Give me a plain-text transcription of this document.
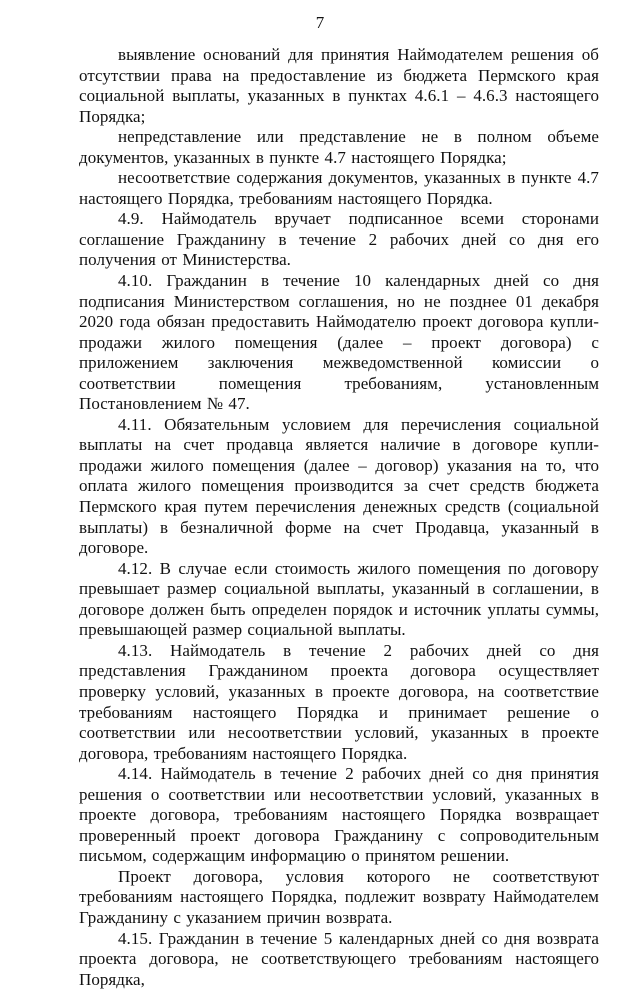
7

выявление оснований для принятия Наймодателем решения об отсутствии права на предоставление из бюджета Пермского края социальной выплаты, указанных в пунктах 4.6.1 – 4.6.3 настоящего Порядка;

непредставление или представление не в полном объеме документов, указанных в пункте 4.7 настоящего Порядка;

несоответствие содержания документов, указанных в пункте 4.7 настоящего Порядка, требованиям настоящего Порядка.

4.9. Наймодатель вручает подписанное всеми сторонами соглашение Гражданину в течение 2 рабочих дней со дня его получения от Министерства.

4.10. Гражданин в течение 10 календарных дней со дня подписания Министерством соглашения, но не позднее 01 декабря 2020 года обязан предоставить Наймодателю проект договора купли-продажи жилого помещения (далее – проект договора) с приложением заключения межведомственной комиссии о соответствии помещения требованиям, установленным Постановлением № 47.

4.11. Обязательным условием для перечисления социальной выплаты на счет продавца является наличие в договоре купли-продажи жилого помещения (далее – договор) указания на то, что оплата жилого помещения производится за счет средств бюджета Пермского края путем перечисления денежных средств (социальной выплаты) в безналичной форме на счет Продавца, указанный в договоре.

4.12. В случае если стоимость жилого помещения по договору превышает размер социальной выплаты, указанный в соглашении, в договоре должен быть определен порядок и источник уплаты суммы, превышающей размер социальной выплаты.

4.13. Наймодатель в течение 2 рабочих дней со дня представления Гражданином проекта договора осуществляет проверку условий, указанных в проекте договора, на соответствие требованиям настоящего Порядка и принимает решение о соответствии или несоответствии условий, указанных в проекте договора, требованиям настоящего Порядка.

4.14. Наймодатель в течение 2 рабочих дней со дня принятия решения о соответствии или несоответствии условий, указанных в проекте договора, требованиям настоящего Порядка возвращает проверенный проект договора Гражданину с сопроводительным письмом, содержащим информацию о принятом решении.

Проект договора, условия которого не соответствуют требованиям настоящего Порядка, подлежит возврату Наймодателем Гражданину с указанием причин возврата.

4.15. Гражданин в течение 5 календарных дней со дня возврата проекта договора, не соответствующего требованиям настоящего Порядка,
